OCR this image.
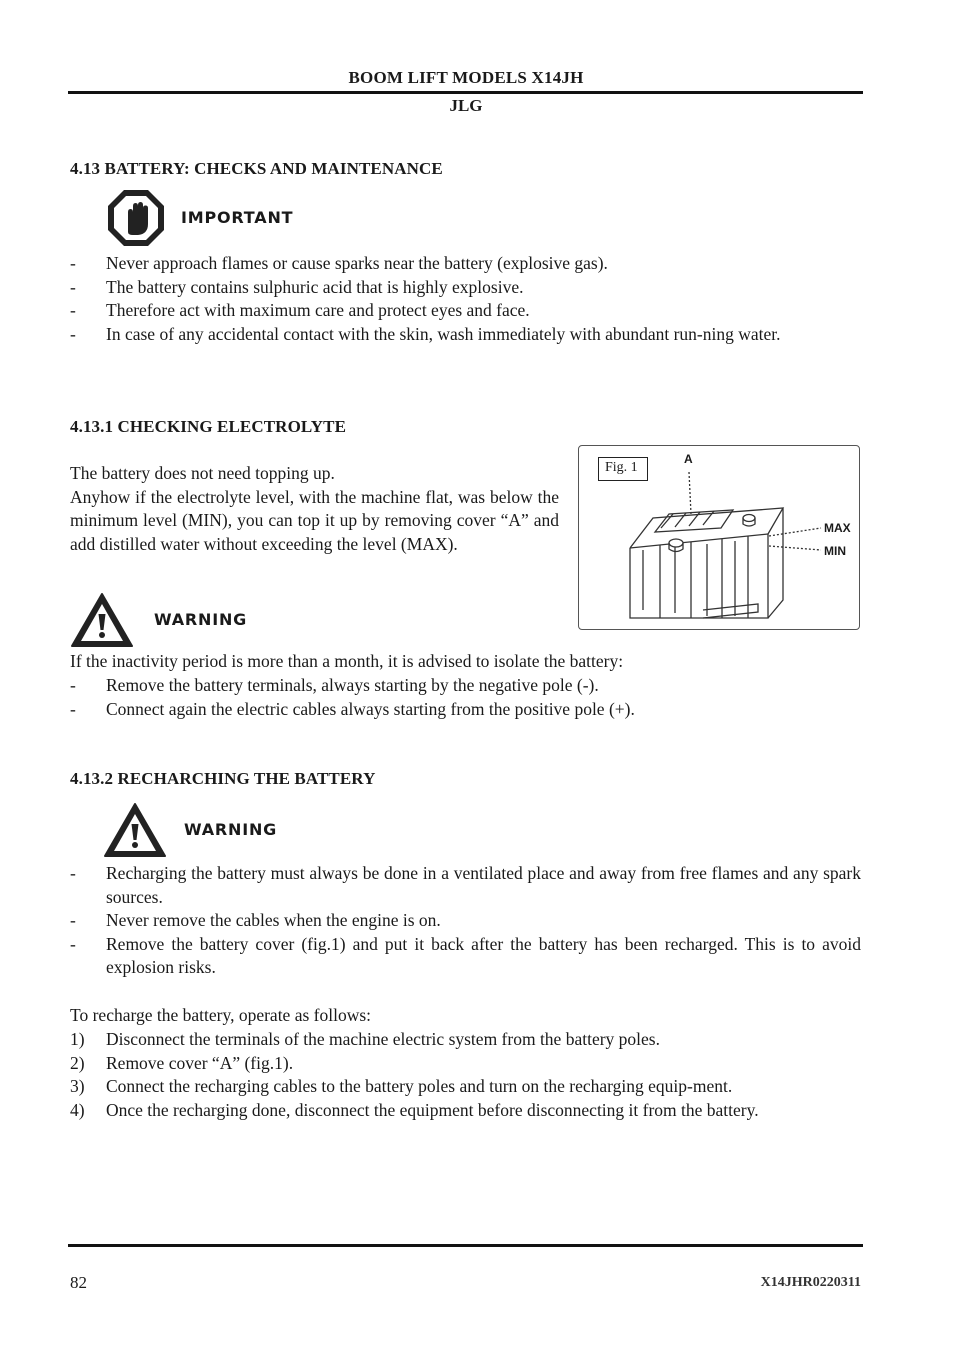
BOOM LIFT MODELS X14JH
JLG
4.13 BATTERY: CHECKS AND MAINTENANCE
IMPORTANT
- Never approach flames or cause sparks near the battery (explosive gas).
- The battery contains sulphuric acid that is highly explosive.
- Therefore act with maximum care and protect eyes and face.
- In case of any accidental contact with the skin, wash immediately with abundant run-ning water.
4.13.1 CHECKING ELECTROLYTE
The battery does not need topping up.
Anyhow if the electrolyte level, with the machine flat, was below the minimum level (MIN), you can top it up by removing cover “A” and add distilled water without exceeding the level (MAX).
Fig. 1
A
MAX
MIN
WARNING
If the inactivity period is more than a month, it is advised to isolate the battery:
- Remove the battery terminals, always starting by the negative pole (-).
- Connect again the electric cables always starting from the positive pole (+).
4.13.2 RECHARCHING THE BATTERY
WARNING
- Recharging the battery must always be done in a ventilated place and away from free flames and any spark sources.
- Never remove the cables when the engine is on.
- Remove the battery cover (fig.1) and put it back after the battery has been recharged. This is to avoid explosion risks.
To recharge the battery, operate as follows:
1) Disconnect the terminals of the machine electric system from the battery poles.
2) Remove cover “A” (fig.1).
3) Connect the recharging cables to the battery poles and turn on the recharging equip-ment.
4) Once the recharging done, disconnect the equipment before disconnecting it from the battery.
82	X14JHR0220311
